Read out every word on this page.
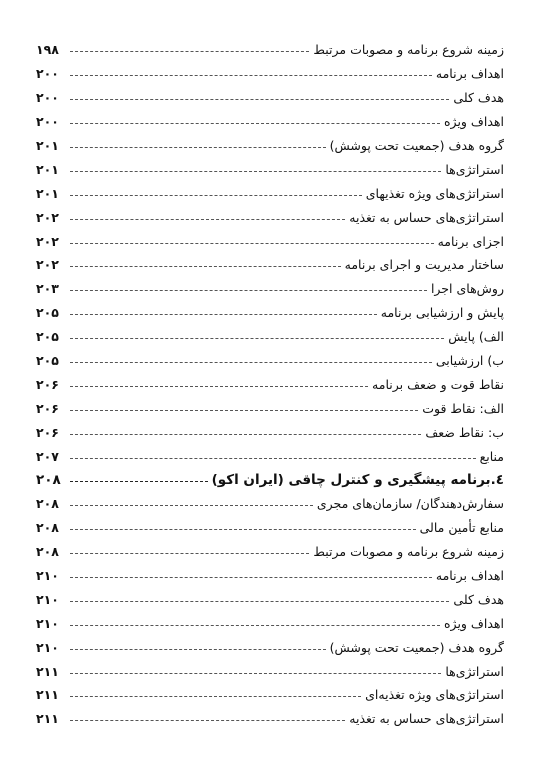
زمینه شروع برنامه و مصوبات مرتبط
۱۹۸
اهداف برنامه
۲۰۰
هدف کلی
۲۰۰
اهداف ویژه
۲۰۰
گروه هدف (جمعیت تحت پوشش)
۲۰۱
استراتژی‌ها
۲۰۱
استراتژی‌های ویژه تغذیهای
۲۰۱
استراتژی‌های حساس به تغذیه
۲۰۲
اجزای برنامه
۲۰۲
ساختار مدیریت و اجرای برنامه
۲۰۲
روش‌های اجرا
۲۰۳
پایش و ارزشیابی برنامه
۲۰۵
الف) پایش
۲۰۵
ب) ارزشیابی
۲۰۵
نقاط قوت و ضعف برنامه
۲۰۶
الف: نقاط قوت
۲۰۶
ب: نقاط ضعف
۲۰۶
منابع
۲۰۷
٤.برنامه پیشگیری و کنترل چاقی (ایران اکو)
۲۰۸
سفارش‌دهندگان/ سازمان‌های مجری
۲۰۸
منابع تأمین مالی
۲۰۸
زمینه شروع برنامه و مصوبات مرتبط
۲۰۸
اهداف برنامه
۲۱۰
هدف کلی
۲۱۰
اهداف ویژه
۲۱۰
گروه هدف (جمعیت تحت پوشش)
۲۱۰
استراتژی‌ها
۲۱۱
استراتژی‌های ویژه تغذیه‌ای
۲۱۱
استراتژی‌های حساس به تغذیه
۲۱۱
